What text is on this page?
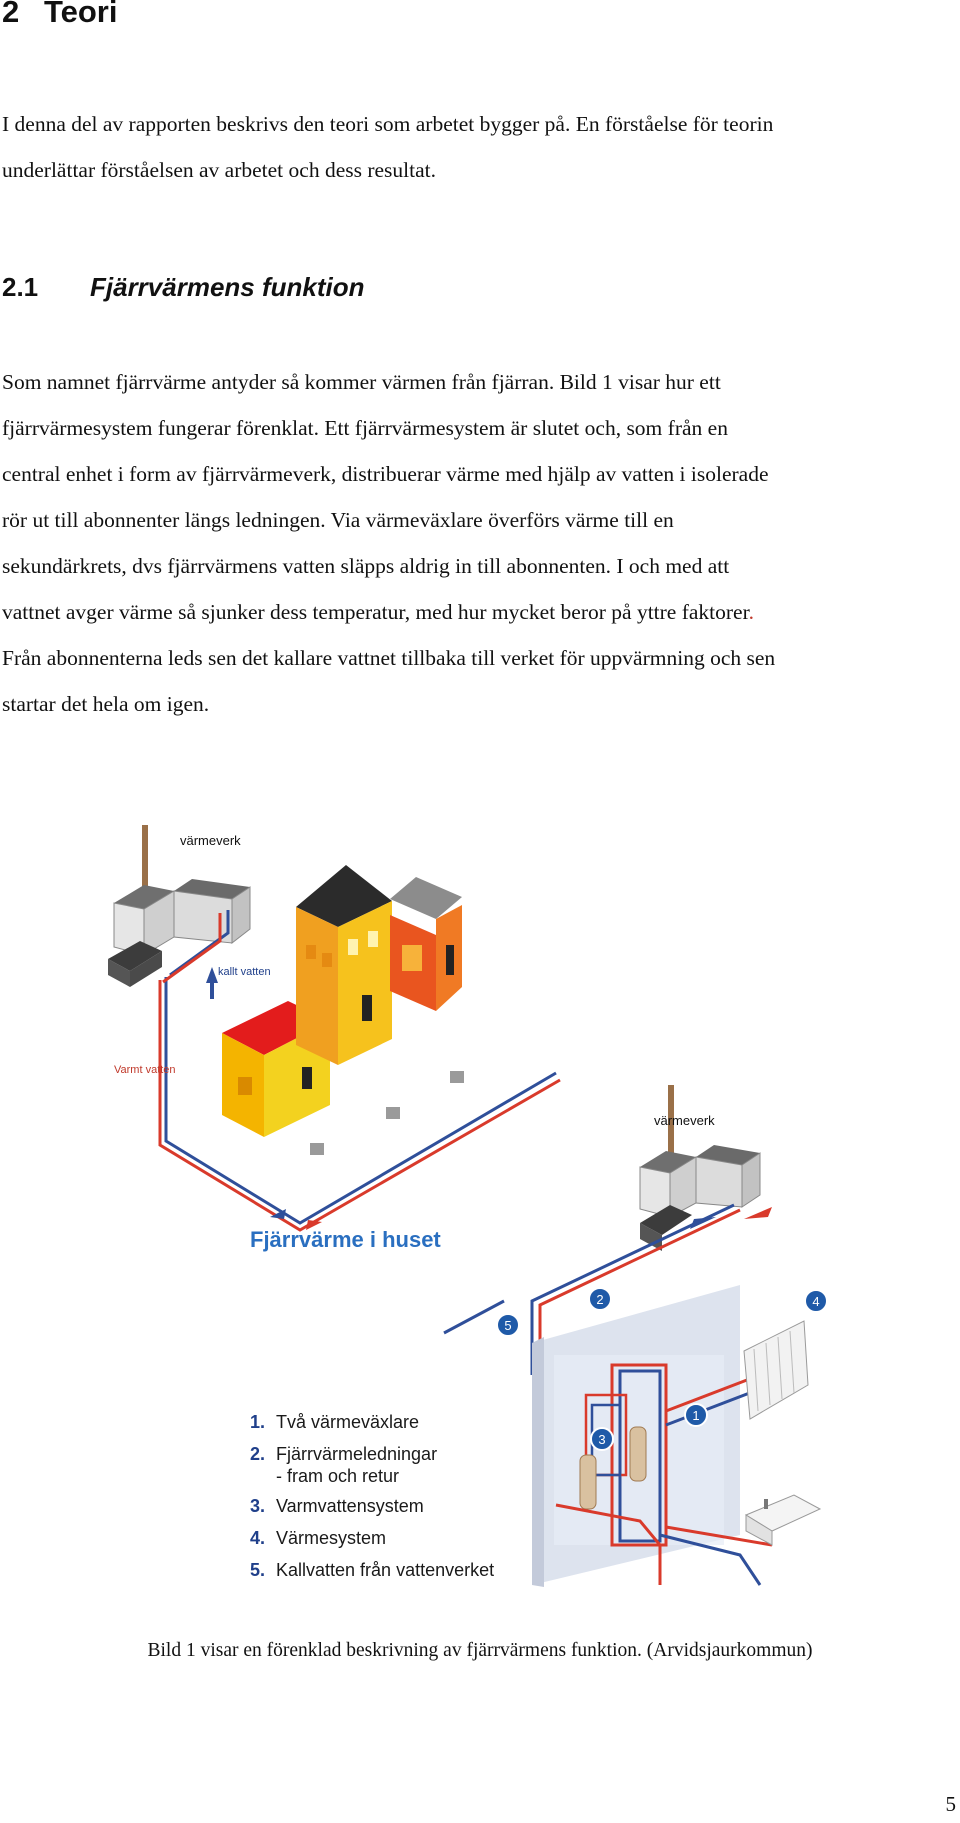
2 Teori

I denna del av rapporten beskrivs den teori som arbetet bygger på. En förståelse för teorin
underlättar förståelsen av arbetet och dess resultat.

2.1 Fjärrvärmens funktion

Som namnet fjärrvärme antyder så kommer värmen från fjärran. Bild 1 visar hur ett
fjärrvärmesystem fungerar förenklat. Ett fjärrvärmesystem är slutet och, som från en
central enhet i form av fjärrvärmeverk, distribuerar värme med hjälp av vatten i isolerade
rör ut till abonnenter längs ledningen. Via värmeväxlare överförs värme till en
sekundärkrets, dvs fjärrvärmens vatten släpps aldrig in till abonnenten. I och med att
vattnet avger värme så sjunker dess temperatur, med hur mycket beror på yttre faktorer.
Från abonnenterna leds sen det kallare vattnet tillbaka till verket för uppvärmning och sen
startar det hela om igen.

värmeverk
kallt vatten
Varmt vatten
värmeverk
Fjärrvärme i huset
1
2
3
4
5
1. Två värmeväxlare
2. Fjärrvärmeledningar
- fram och retur
3. Varmvattensystem
4. Värmesystem
5. Kallvatten från vattenverket

Bild 1 visar en förenklad beskrivning av fjärrvärmens funktion. (Arvidsjaurkommun)

5
